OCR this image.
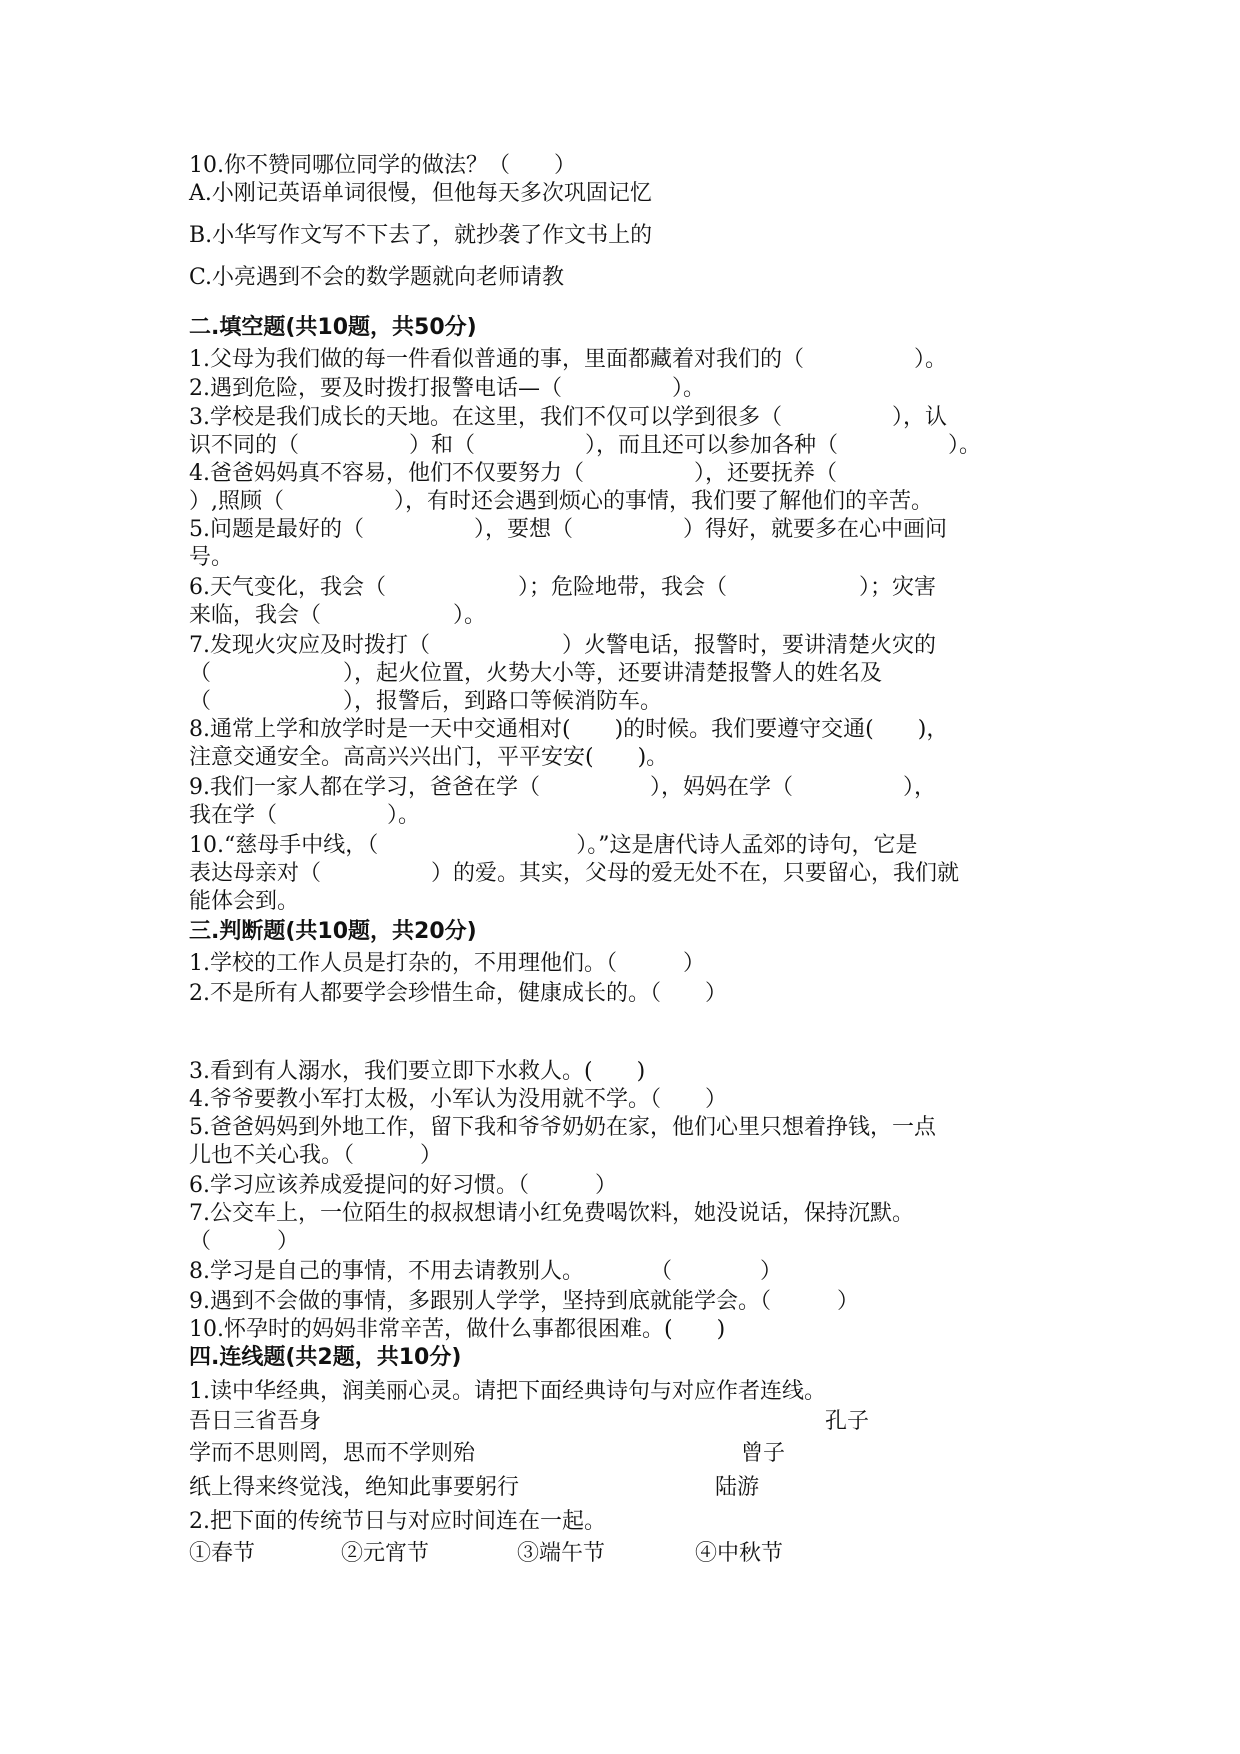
10.你不赞同哪位同学的做法？（　　）
A.小刚记英语单词很慢，但他每天多次巩固记忆
B.小华写作文写不下去了，就抄袭了作文书上的
C.小亮遇到不会的数学题就向老师请教
二.填空题(共10题，共50分)
1.父母为我们做的每一件看似普通的事，里面都藏着对我们的（　　　　　）。
2.遇到危险，要及时拨打报警电话—（　　　　　）。
3.学校是我们成长的天地。在这里，我们不仅可以学到很多（　　　　　），认
识不同的（　　　　　）和（　　　　　），而且还可以参加各种（　　　　　）。
4.爸爸妈妈真不容易，他们不仅要努力（　　　　　），还要抚养（　　　　　
）,照顾（　　　　　），有时还会遇到烦心的事情，我们要了解他们的辛苦。
5.问题是最好的（　　　　　），要想（　　　　　）得好，就要多在心中画问
号。
6.天气变化，我会（　　　　　　）；危险地带，我会（　　　　　　）；灾害
来临，我会（　　　　　　）。
7.发现火灾应及时拨打（　　　　　　）火警电话，报警时，要讲清楚火灾的
（　　　　　　），起火位置，火势大小等，还要讲清楚报警人的姓名及
（　　　　　　），报警后，到路口等候消防车。
8.通常上学和放学时是一天中交通相对(　　)的时候。我们要遵守交通(　　)，
注意交通安全。高高兴兴出门，平平安安(　　)。
9.我们一家人都在学习，爸爸在学（　　　　　），妈妈在学（　　　　　），
我在学（　　　　　）。
10.“慈母手中线，（　　　　　　　　　）。”这是唐代诗人孟郊的诗句，它是
表达母亲对（　　　　　）的爱。其实，父母的爱无处不在，只要留心，我们就
能体会到。
三.判断题(共10题，共20分)
1.学校的工作人员是打杂的，不用理他们。（　　　）
2.不是所有人都要学会珍惜生命，健康成长的。（　　）
3.看到有人溺水，我们要立即下水救人。(　　)
4.爷爷要教小军打太极，小军认为没用就不学。（　　）
5.爸爸妈妈到外地工作，留下我和爷爷奶奶在家，他们心里只想着挣钱，一点
儿也不关心我。（　　　）
6.学习应该养成爱提问的好习惯。（　　　）
7.公交车上，一位陌生的叔叔想请小红免费喝饮料，她没说话，保持沉默。
（　　　）
8.学习是自己的事情，不用去请教别人。　　　　（　　　　）
9.遇到不会做的事情，多跟别人学学，坚持到底就能学会。（　　　）
10.怀孕时的妈妈非常辛苦，做什么事都很困难。(　　)
四.连线题(共2题，共10分)
1.读中华经典，润美丽心灵。请把下面经典诗句与对应作者连线。

吾日三省吾身

	孔子

学而不思则罔，思而不学则殆

	曾子

纸上得来终觉浅，绝知此事要躬行

	陆游

2.把下面的传统节日与对应时间连在一起。

①春节

	②元宵节

	③端午节

	④中秋节
